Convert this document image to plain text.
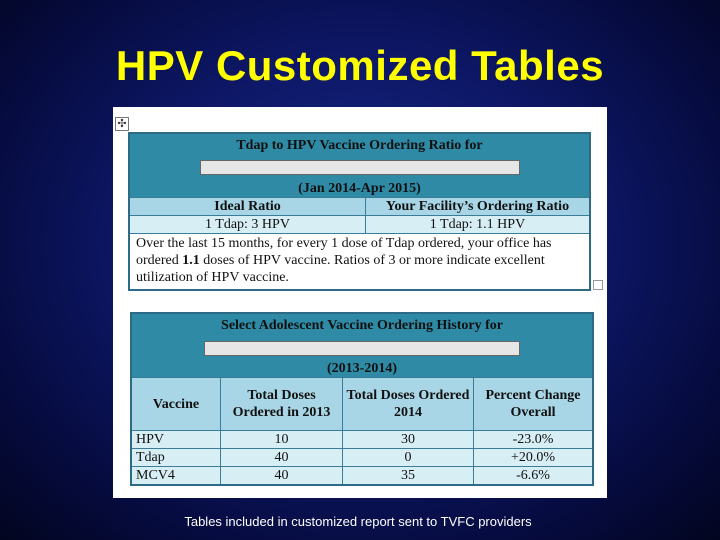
HPV Customized Tables
✣
Tdap to HPV Vaccine Ordering Ratio for
(Jan 2014-Apr 2015)	

Ideal Ratio	Your Facility’s Ordering Ratio
1 Tdap: 3 HPV	1 Tdap: 1.1 HPV
Over the last 15 months, for every 1 dose of Tdap ordered, your office has ordered 1.1 doses of HPV vaccine. Ratios of 3 or more indicate excellent utilization of HPV vaccine.	
Select Adolescent Vaccine Ordering History for
(2013-2014)			

Vaccine	Total Doses Ordered in 2013	Total Doses Ordered 2014	Percent Change Overall
HPV	10	30	-23.0%
Tdap	40	0	+20.0%
MCV4	40	35	-6.6%
Tables included in customized report sent to TVFC providers
